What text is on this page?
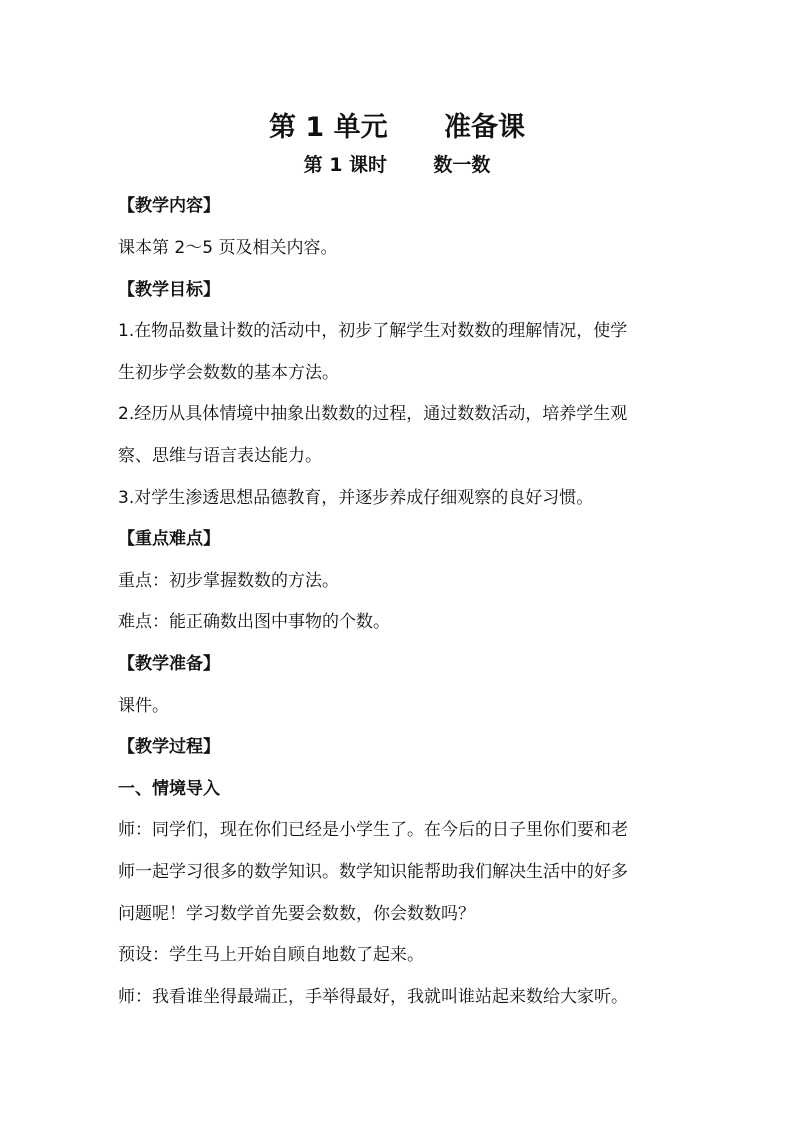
第 1 单元      准备课
第 1 课时       数一数
【教学内容】
课本第 2～5 页及相关内容。
【教学目标】
1.在物品数量计数的活动中，初步了解学生对数数的理解情况，使学
生初步学会数数的基本方法。
2.经历从具体情境中抽象出数数的过程，通过数数活动，培养学生观
察、思维与语言表达能力。
3.对学生渗透思想品德教育，并逐步养成仔细观察的良好习惯。
【重点难点】
重点：初步掌握数数的方法。
难点：能正确数出图中事物的个数。
【教学准备】
课件。
【教学过程】
一、情境导入
师：同学们，现在你们已经是小学生了。在今后的日子里你们要和老
师一起学习很多的数学知识。数学知识能帮助我们解决生活中的好多
问题呢！学习数学首先要会数数，你会数数吗？
预设：学生马上开始自顾自地数了起来。
师：我看谁坐得最端正，手举得最好，我就叫谁站起来数给大家听。
